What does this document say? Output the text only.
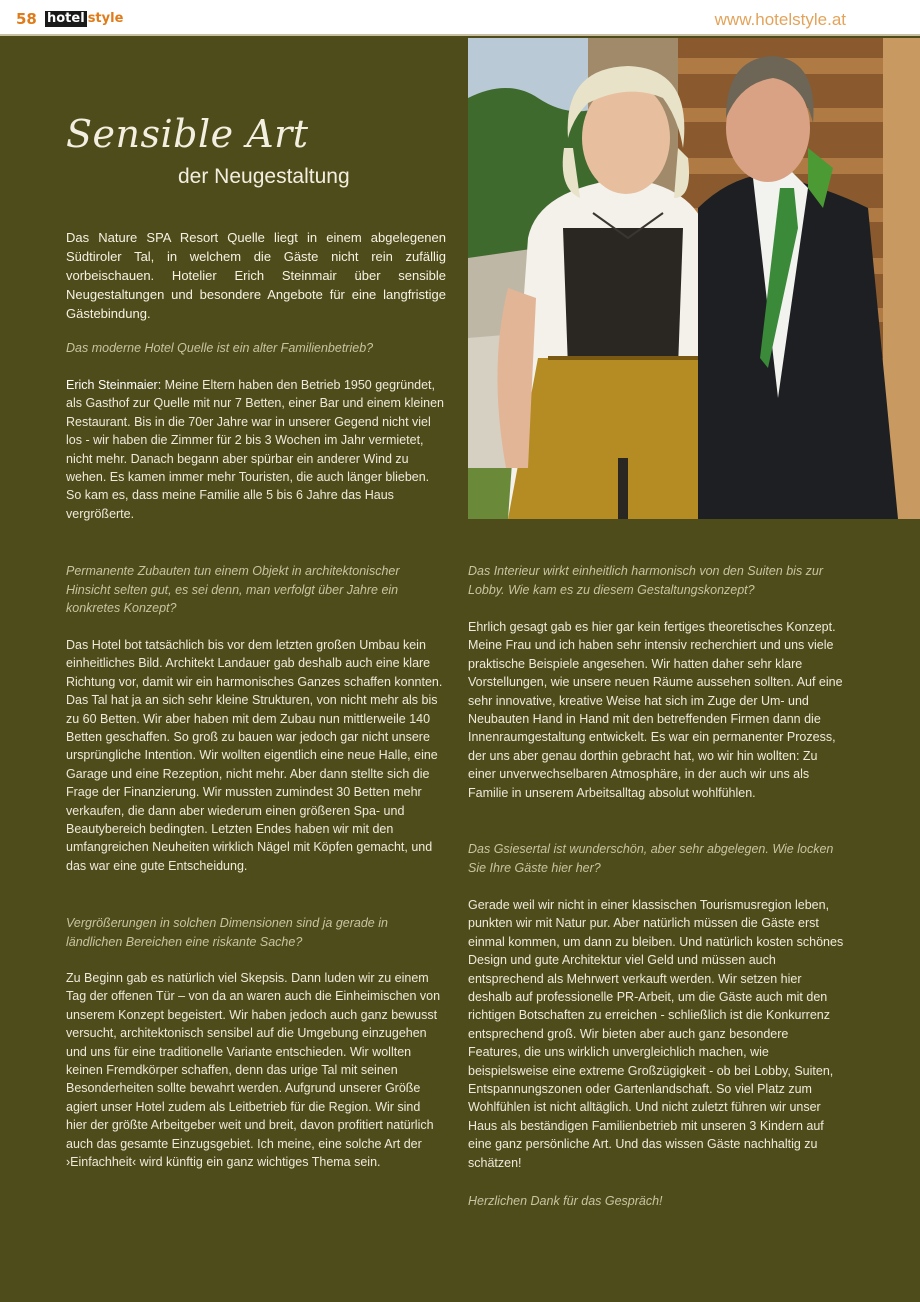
58 hotel style	www.hotelstyle.at
Sensible Art
der Neugestaltung
Das Nature SPA Resort Quelle liegt in einem abgelegenen Südtiroler Tal, in welchem die Gäste nicht rein zufällig vorbeischauen. Hotelier Erich Steinmair über sensible Neugestaltungen und besondere Angebote für eine langfristige Gästebindung.
Das moderne Hotel Quelle ist ein alter Familienbetrieb?
Erich Steinmaier: Meine Eltern haben den Betrieb 1950 gegründet, als Gasthof zur Quelle mit nur 7 Betten, einer Bar und einem kleinen Restaurant. Bis in die 70er Jahre war in unserer Gegend nicht viel los - wir haben die Zimmer für 2 bis 3 Wochen im Jahr vermietet, nicht mehr. Danach begann aber spürbar ein anderer Wind zu wehen. Es kamen immer mehr Touristen, die auch länger blieben. So kam es, dass meine Familie alle 5 bis 6 Jahre das Haus vergrößerte.
Permanente Zubauten tun einem Objekt in architektonischer Hinsicht selten gut, es sei denn, man verfolgt über Jahre ein konkretes Konzept?
Das Hotel bot tatsächlich bis vor dem letzten großen Umbau kein einheitliches Bild. Architekt Landauer gab deshalb auch eine klare Richtung vor, damit wir ein harmonisches Ganzes schaffen konnten. Das Tal hat ja an sich sehr kleine Strukturen, von nicht mehr als bis zu 60 Betten. Wir aber haben mit dem Zubau nun mittlerweile 140 Betten geschaffen. So groß zu bauen war jedoch gar nicht unsere ursprüngliche Intention. Wir wollten eigentlich eine neue Halle, eine Garage und eine Rezeption, nicht mehr. Aber dann stellte sich die Frage der Finanzierung. Wir mussten zumindest 30 Betten mehr verkaufen, die dann aber wiederum einen größeren Spa- und Beautybereich bedingten. Letzten Endes haben wir mit den umfangreichen Neuheiten wirklich Nägel mit Köpfen gemacht, und das war eine gute Entscheidung.
Vergrößerungen in solchen Dimensionen sind ja gerade in ländlichen Bereichen eine riskante Sache?
Zu Beginn gab es natürlich viel Skepsis. Dann luden wir zu einem Tag der offenen Tür – von da an waren auch die Einheimischen von unserem Konzept begeistert. Wir haben jedoch auch ganz bewusst versucht, architektonisch sensibel auf die Umgebung einzugehen und uns für eine traditionelle Variante entschieden. Wir wollten keinen Fremdkörper schaffen, denn das urige Tal mit seinen Besonderheiten sollte bewahrt werden. Aufgrund unserer Größe agiert unser Hotel zudem als Leitbetrieb für die Region. Wir sind hier der größte Arbeitgeber weit und breit, davon profitiert natürlich auch das gesamte Einzugsgebiet. Ich meine, eine solche Art der ›Einfachheit‹ wird künftig ein ganz wichtiges Thema sein.
Das Interieur wirkt einheitlich harmonisch von den Suiten bis zur Lobby. Wie kam es zu diesem Gestaltungskonzept?
Ehrlich gesagt gab es hier gar kein fertiges theoretisches Konzept. Meine Frau und ich haben sehr intensiv recherchiert und uns viele praktische Beispiele angesehen. Wir hatten daher sehr klare Vorstellungen, wie unsere neuen Räume aussehen sollten. Auf eine sehr innovative, kreative Weise hat sich im Zuge der Um- und Neubauten Hand in Hand mit den betreffenden Firmen dann die Innenraumgestaltung entwickelt. Es war ein permanenter Prozess, der uns aber genau dorthin gebracht hat, wo wir hin wollten: Zu einer unverwechselbaren Atmosphäre, in der auch wir uns als Familie in unserem Arbeitsalltag absolut wohlfühlen.
Das Gsiesertal ist wunderschön, aber sehr abgelegen. Wie locken Sie Ihre Gäste hier her?
Gerade weil wir nicht in einer klassischen Tourismusregion leben, punkten wir mit Natur pur. Aber natürlich müssen die Gäste erst einmal kommen, um dann zu bleiben. Und natürlich kosten schönes Design und gute Architektur viel Geld und müssen auch entsprechend als Mehrwert verkauft werden. Wir setzen hier deshalb auf professionelle PR-Arbeit, um die Gäste auch mit den richtigen Botschaften zu erreichen - schließlich ist die Konkurrenz entsprechend groß. Wir bieten aber auch ganz besondere Features, die uns wirklich unvergleichlich machen, wie beispielsweise eine extreme Großzügigkeit - ob bei Lobby, Suiten, Entspannungszonen oder Gartenlandschaft. So viel Platz zum Wohlfühlen ist nicht alltäglich. Und nicht zuletzt führen wir unser Haus als beständigen Familienbetrieb mit unseren 3 Kindern auf eine ganz persönliche Art. Und das wissen Gäste nachhaltig zu schätzen!
Herzlichen Dank für das Gespräch!
